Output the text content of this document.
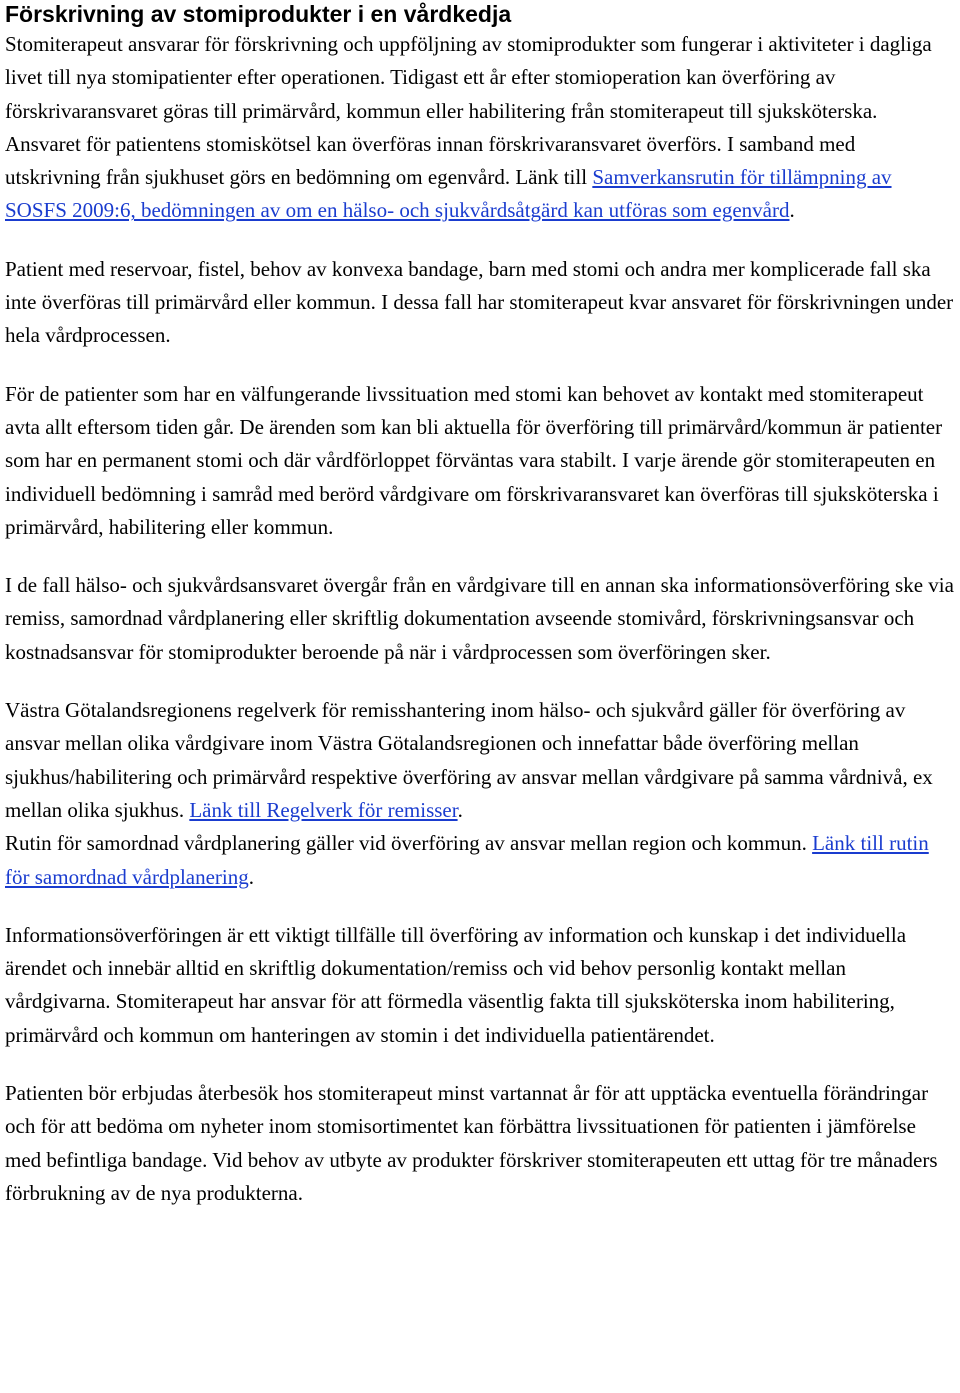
Förskrivning av stomiprodukter i en vårdkedja

Stomiterapeut ansvarar för förskrivning och uppföljning av stomiprodukter som fungerar i aktiviteter i dagliga livet till nya stomipatienter efter operationen. Tidigast ett år efter stomioperation kan överföring av förskrivaransvaret göras till primärvård, kommun eller habilitering från stomiterapeut till sjuksköterska. Ansvaret för patientens stomiskötsel kan överföras innan förskrivaransvaret överförs. I samband med utskrivning från sjukhuset görs en bedömning om egenvård. Länk till Samverkansrutin för tillämpning av SOSFS 2009:6, bedömningen av om en hälso- och sjukvårdsåtgärd kan utföras som egenvård.

Patient med reservoar, fistel, behov av konvexa bandage, barn med stomi och andra mer komplicerade fall ska inte överföras till primärvård eller kommun. I dessa fall har stomiterapeut kvar ansvaret för förskrivningen under hela vårdprocessen.

För de patienter som har en välfungerande livssituation med stomi kan behovet av kontakt med stomiterapeut avta allt eftersom tiden går. De ärenden som kan bli aktuella för överföring till primärvård/kommun är patienter som har en permanent stomi och där vårdförloppet förväntas vara stabilt. I varje ärende gör stomiterapeuten en individuell bedömning i samråd med berörd vårdgivare om förskrivaransvaret kan överföras till sjuksköterska i primärvård, habilitering eller kommun.

I de fall hälso- och sjukvårdsansvaret övergår från en vårdgivare till en annan ska informationsöverföring ske via remiss, samordnad vårdplanering eller skriftlig dokumentation avseende stomivård, förskrivningsansvar och kostnadsansvar för stomiprodukter beroende på när i vårdprocessen som överföringen sker.

Västra Götalandsregionens regelverk för remisshantering inom hälso- och sjukvård gäller för överföring av ansvar mellan olika vårdgivare inom Västra Götalandsregionen och innefattar både överföring mellan sjukhus/habilitering och primärvård respektive överföring av ansvar mellan vårdgivare på samma vårdnivå, ex mellan olika sjukhus. Länk till Regelverk för remisser.

Rutin för samordnad vårdplanering gäller vid överföring av ansvar mellan region och kommun. Länk till rutin för samordnad vårdplanering.

Informationsöverföringen är ett viktigt tillfälle till överföring av information och kunskap i det individuella ärendet och innebär alltid en skriftlig dokumentation/remiss och vid behov personlig kontakt mellan vårdgivarna. Stomiterapeut har ansvar för att förmedla väsentlig fakta till sjuksköterska inom habilitering, primärvård och kommun om hanteringen av stomin i det individuella patientärendet.

Patienten bör erbjudas återbesök hos stomiterapeut minst vartannat år för att upptäcka eventuella förändringar och för att bedöma om nyheter inom stomisortimentet kan förbättra livssituationen för patienten i jämförelse med befintliga bandage. Vid behov av utbyte av produkter förskriver stomiterapeuten ett uttag för tre månaders förbrukning av de nya produkterna.
